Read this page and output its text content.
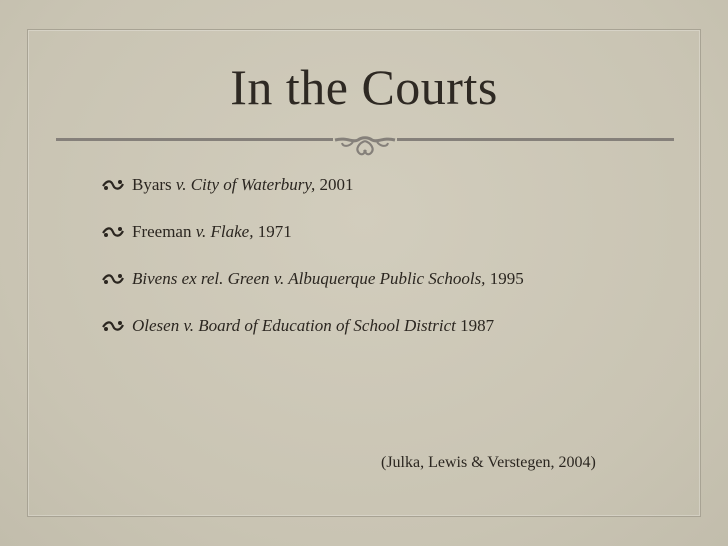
In the Courts
Byars
v.
City of Waterbury,
2001
Freeman
v.
Flake,
1971
Bivens ex rel. Green v. Albuquerque Public Schools,
1995
Olesen v. Board of Education of School District
1987
(Julka, Lewis & Verstegen, 2004)
